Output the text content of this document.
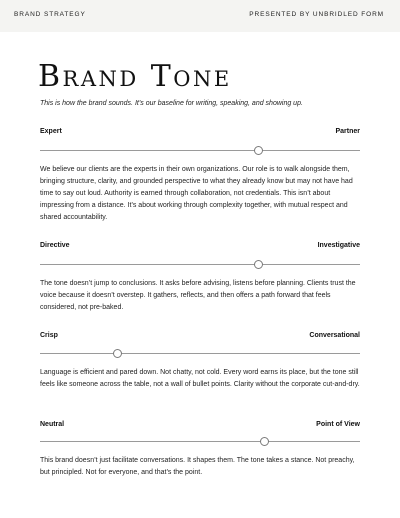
BRAND STRATEGY	PRESENTED BY UNBRIDLED FORM
Brand Tone
This is how the brand sounds. It’s our baseline for writing, speaking, and showing up.
Expert	Partner
We believe our clients are the experts in their own organizations. Our role is to walk alongside them, bringing structure, clarity, and grounded perspective to what they already know but may not have had time to say out loud. Authority is earned through collaboration, not credentials. This isn’t about impressing from a distance. It’s about working through complexity together, with mutual respect and shared accountability.
Directive	Investigative
The tone doesn’t jump to conclusions. It asks before advising, listens before planning. Clients trust the voice because it doesn’t overstep. It gathers, reflects, and then offers a path forward that feels considered, not pre-baked.
Crisp	Conversational
Language is efficient and pared down. Not chatty, not cold. Every word earns its place, but the tone still feels like someone across the table, not a wall of bullet points. Clarity without the corporate cut-and-dry.
Neutral	Point of View
This brand doesn’t just facilitate conversations. It shapes them. The tone takes a stance. Not preachy, but principled. Not for everyone, and that’s the point.
